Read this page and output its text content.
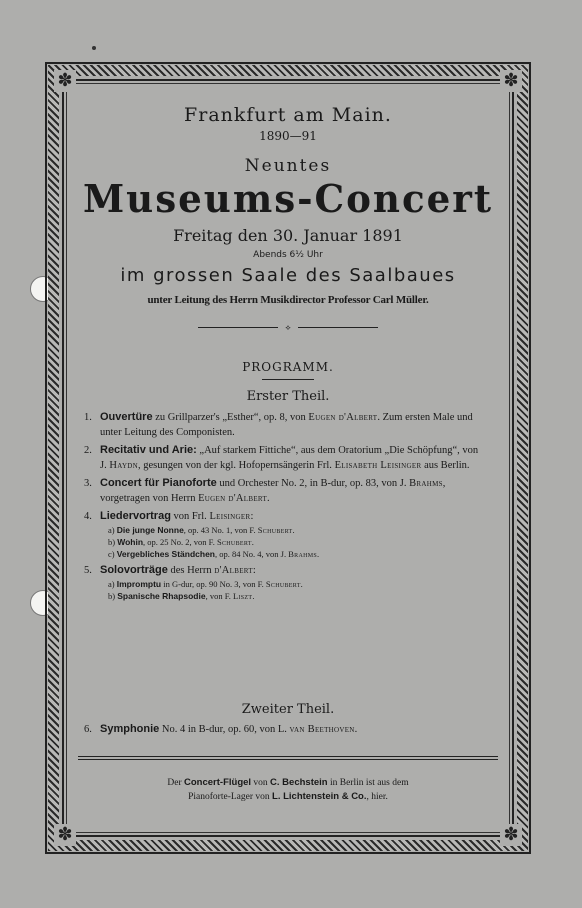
✽	✽
✽	✽
Frankfurt am Main.
1890—91
Neuntes
Museums-Concert
Freitag den 30. Januar 1891
Abends 6½ Uhr
im grossen Saale des Saalbaues
unter Leitung des Herrn Musikdirector Professor Carl Müller.
⟡
PROGRAMM.
Erster Theil.
1. Ouvertüre zu Grillparzer's „Esther“, op. 8, von Eugen d'Albert. Zum ersten Male und unter Leitung des Componisten.
2. Recitativ und Arie: „Auf starkem Fittiche“, aus dem Oratorium „Die Schöpfung“, von J. Haydn, gesungen von der kgl. Hofopernsängerin Frl. Elisabeth Leisinger aus Berlin.
3. Concert für Pianoforte und Orchester No. 2, in B-dur, op. 83, von J. Brahms, vorgetragen von Herrn Eugen d'Albert.
4. Liedervortrag von Frl. Leisinger:
a) Die junge Nonne, op. 43 No. 1, von F. Schubert.
b) Wohin, op. 25 No. 2, von F. Schubert.
c) Vergebliches Ständchen, op. 84 No. 4, von J. Brahms.
5. Solovorträge des Herrn d'Albert:
a) Impromptu in G-dur, op. 90 No. 3, von F. Schubert.
b) Spanische Rhapsodie, von F. Liszt.
Zweiter Theil.
6. Symphonie No. 4 in B-dur, op. 60, von L. van Beethoven.
Der Concert-Flügel von C. Bechstein in Berlin ist aus dem
Pianoforte-Lager von L. Lichtenstein & Co., hier.
